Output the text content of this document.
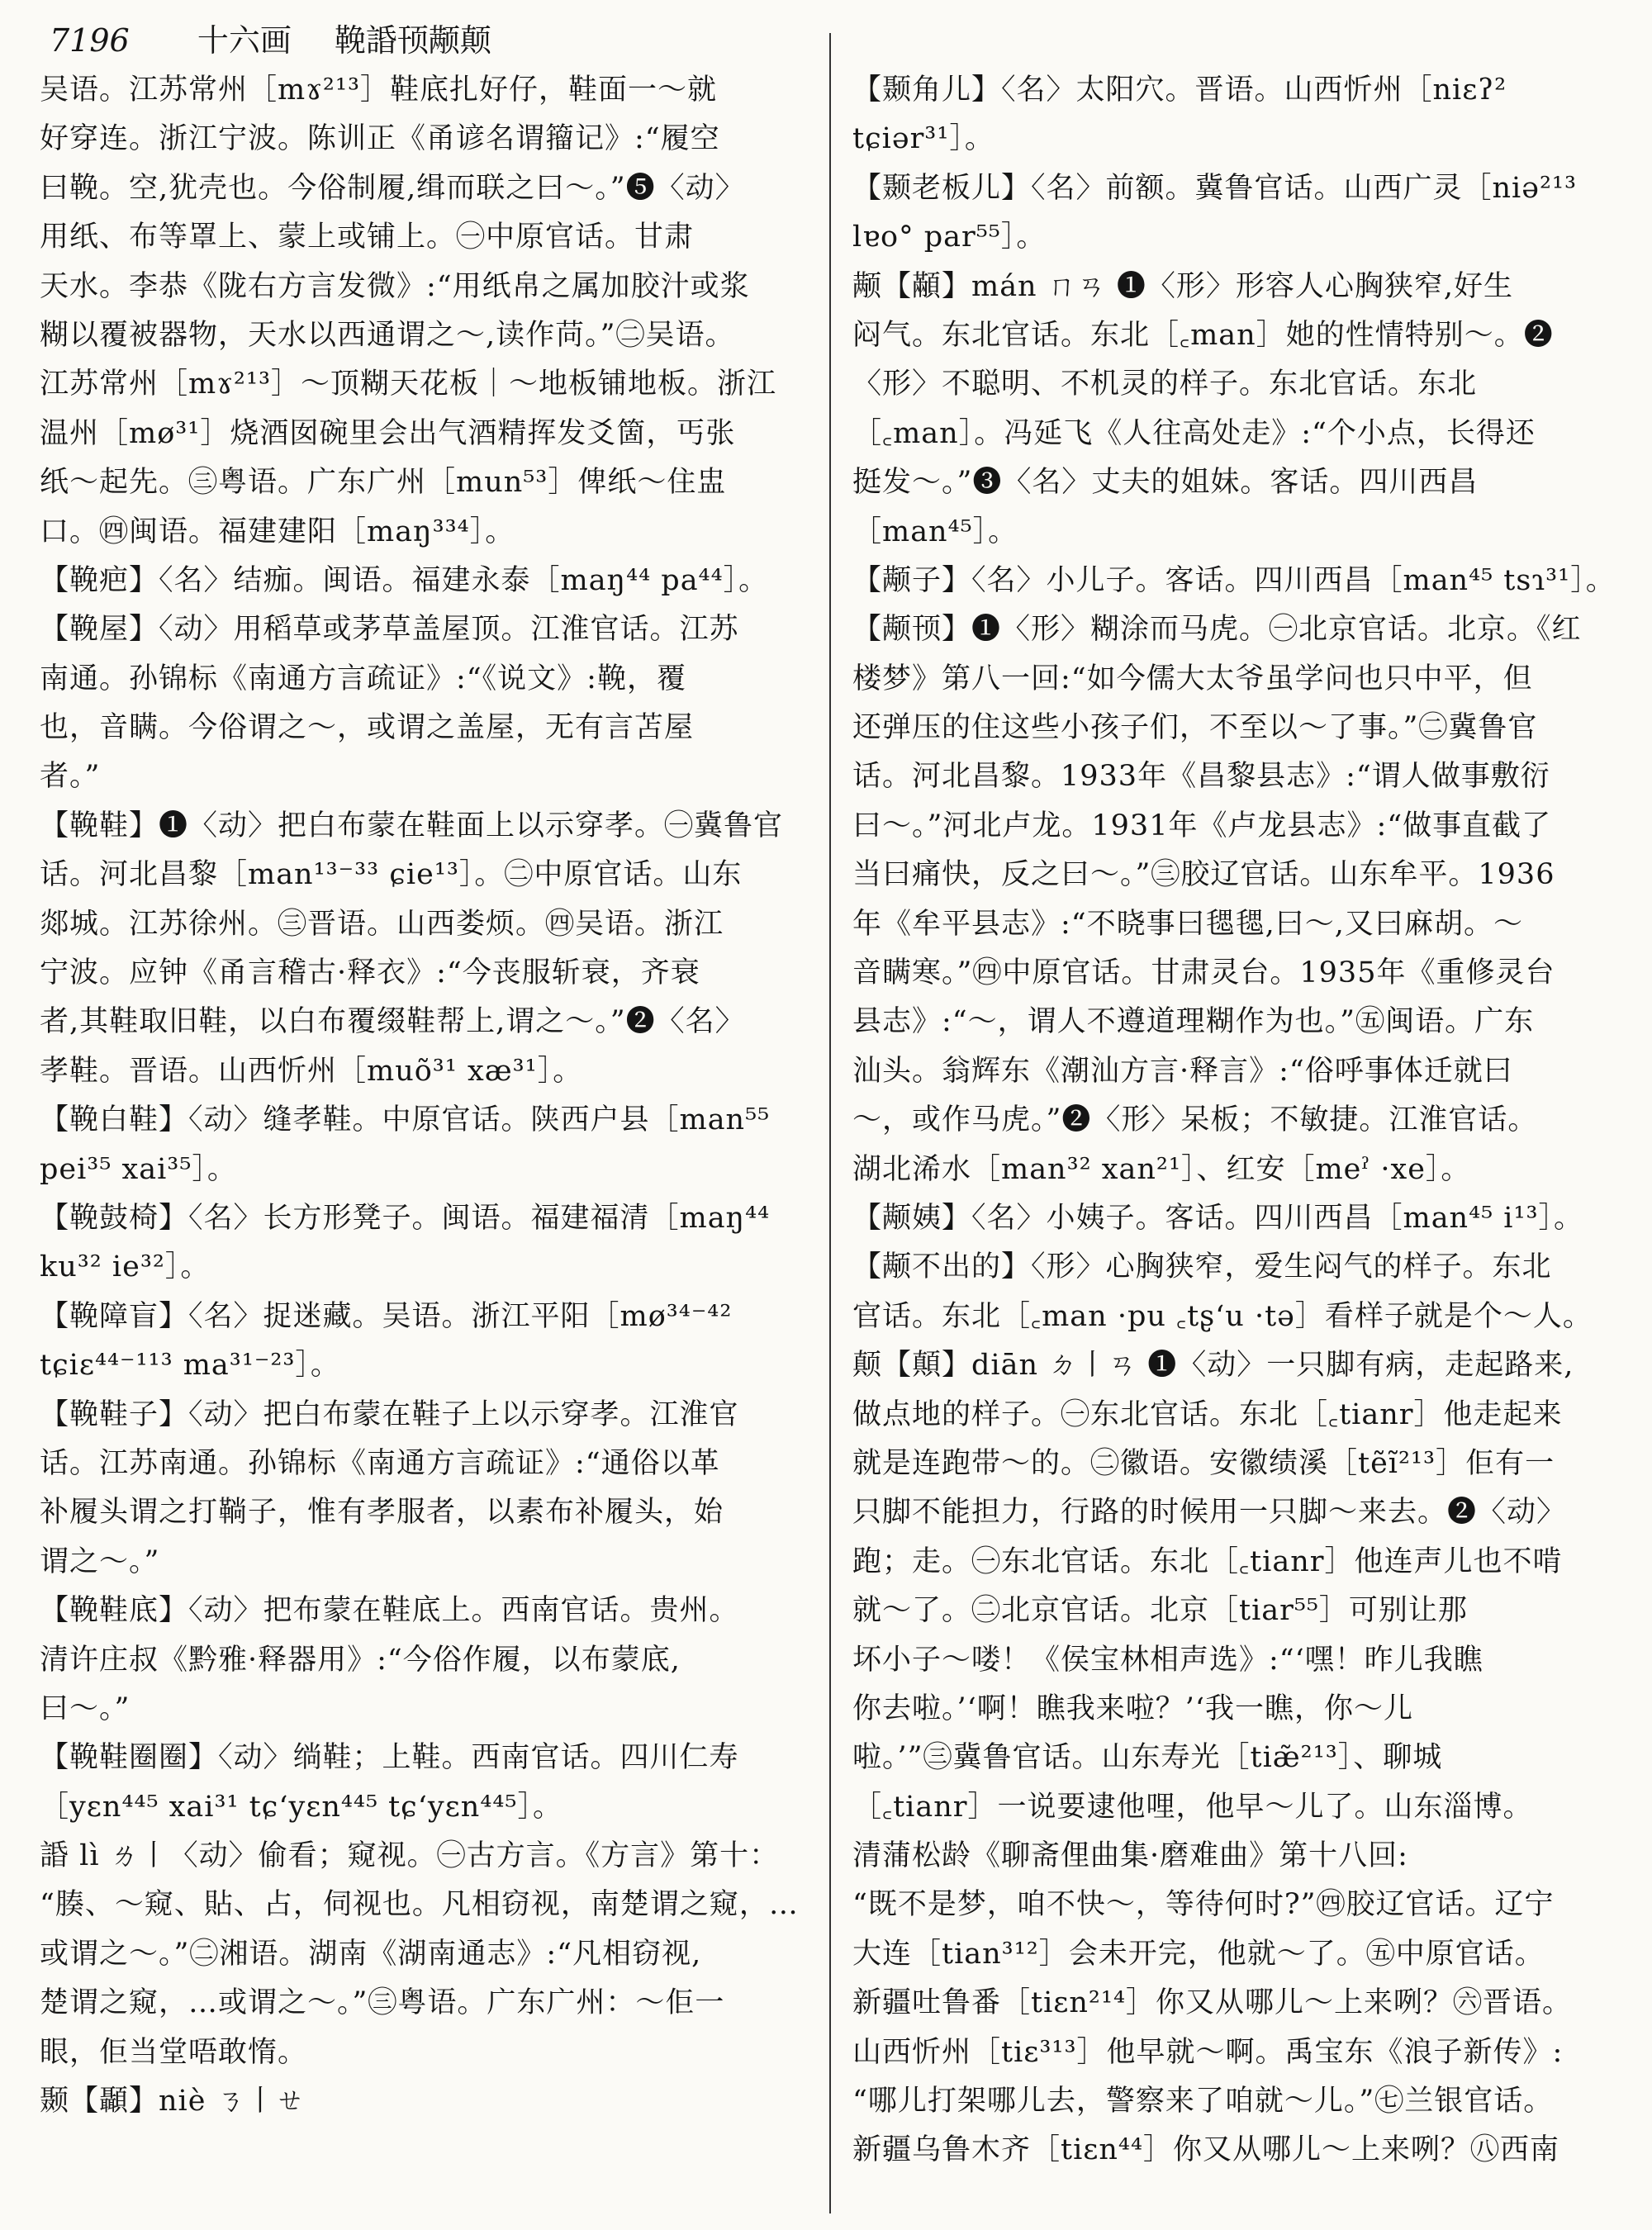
7196 十六画 鞔諙顸颟颠
吴语。江苏常州［mɤ²¹³］鞋底扎好仔，鞋面一～就
好穿连。浙江宁波。陈训正《甬谚名谓籀记》:“履空
曰鞔。空,犹壳也。今俗制履,缉而联之曰～。”❺〈动〉
用纸、布等罩上、蒙上或铺上。㊀中原官话。甘肃
天水。李恭《陇右方言发微》:“用纸帛之属加胶汁或浆
糊以覆被器物，天水以西通谓之～,读作苘。”㊁吴语。
江苏常州［mɤ²¹³］～顶糊天花板｜～地板铺地板。浙江
温州［mø³¹］烧酒囡碗里会出气酒精挥发爻箇，丐张
纸～起先。㊂粤语。广东广州［mun⁵³］俾纸～住盅
口。㊃闽语。福建建阳［maŋ³³⁴］。
【鞔疤】〈名〉结痂。闽语。福建永泰［maŋ⁴⁴ pa⁴⁴］。
【鞔屋】〈动〉用稻草或茅草盖屋顶。江淮官话。江苏
南通。孙锦标《南通方言疏证》:“《说文》:鞔，覆
也，音瞒。今俗谓之～，或谓之盖屋，无有言苫屋
者。”
【鞔鞋】❶〈动〉把白布蒙在鞋面上以示穿孝。㊀冀鲁官
话。河北昌黎［man¹³⁻³³ ɕie¹³］。㊁中原官话。山东
郯城。江苏徐州。㊂晋语。山西娄烦。㊃吴语。浙江
宁波。应钟《甬言稽古·释衣》:“今丧服斩衰，齐衰
者,其鞋取旧鞋，以白布覆缀鞋帮上,谓之～。”❷〈名〉
孝鞋。晋语。山西忻州［muõ³¹ xæ³¹］。
【鞔白鞋】〈动〉缝孝鞋。中原官话。陕西户县［man⁵⁵
pei³⁵ xai³⁵］。
【鞔鼓椅】〈名〉长方形凳子。闽语。福建福清［maŋ⁴⁴
ku³² ie³²］。
【鞔障盲】〈名〉捉迷藏。吴语。浙江平阳［mø³⁴⁻⁴²
tɕiɛ⁴⁴⁻¹¹³ ma³¹⁻²³］。
【鞔鞋子】〈动〉把白布蒙在鞋子上以示穿孝。江淮官
话。江苏南通。孙锦标《南通方言疏证》:“通俗以革
补履头谓之打鞝子，惟有孝服者，以素布补履头，始
谓之～。”
【鞔鞋底】〈动〉把布蒙在鞋底上。西南官话。贵州。
清许庄叔《黔雅·释器用》:“今俗作履，以布蒙底,
曰～。”
【鞔鞋圈圈】〈动〉绱鞋；上鞋。西南官话。四川仁寿
［yɛn⁴⁴⁵ xai³¹ tɕʻyɛn⁴⁴⁵ tɕʻyɛn⁴⁴⁵］。
諙 lì ㄌ丨〈动〉偷看；窥视。㊀古方言。《方言》第十：
“腠、～窥、貼、占，伺视也。凡相窃视，南楚谓之窥，…
或谓之～。”㊁湘语。湖南《湖南通志》:“凡相窃视,
楚谓之窥，…或谓之～。”㊂粤语。广东广州：～佢一
眼，佢当堂唔敢惰。
颞【顳】niè ㄋ丨ㄝ
【颞角儿】〈名〉太阳穴。晋语。山西忻州［niɛʔ²
tɕiər³¹］。
【颞老板儿】〈名〉前额。冀鲁官话。山西广灵［niə²¹³
lɐo° par⁵⁵］。
颟【顢】mán ㄇㄢ ❶〈形〉形容人心胸狭窄,好生
闷气。东北官话。东北［꜀man］她的性情特别～。❷
〈形〉不聪明、不机灵的样子。东北官话。东北
［꜀man］。冯延飞《人往高处走》:“个小点，长得还
挺发～。”❸〈名〉丈夫的姐妹。客话。四川西昌
［man⁴⁵］。
【颟子】〈名〉小儿子。客话。四川西昌［man⁴⁵ tsɿ³¹］。
【颟顸】❶〈形〉糊涂而马虎。㊀北京官话。北京。《红
楼梦》第八一回:“如今儒大太爷虽学问也只中平，但
还弹压的住这些小孩子们，不至以～了事。”㊁冀鲁官
话。河北昌黎。1933年《昌黎县志》:“谓人做事敷衍
曰～。”河北卢龙。1931年《卢龙县志》:“做事直截了
当曰痛快，反之曰～。”㊂胶辽官话。山东牟平。1936
年《牟平县志》:“不晓事曰毸毸,曰～,又曰麻胡。～
音瞒寒。”㊃中原官话。甘肃灵台。1935年《重修灵台
县志》:“～，谓人不遵道理糊作为也。”㊄闽语。广东
汕头。翁辉东《潮汕方言·释言》:“俗呼事体迁就曰
～，或作马虎。”❷〈形〉呆板；不敏捷。江淮官话。
湖北浠水［man³² xan²¹］、红安［meˀ ·xe］。
【颟姨】〈名〉小姨子。客话。四川西昌［man⁴⁵ i¹³］。
【颟不出的】〈形〉心胸狭窄，爱生闷气的样子。东北
官话。东北［꜀man ·pu ꜀tʂʻu ·tə］看样子就是个～人。
颠【顛】diān ㄉ丨ㄢ ❶〈动〉一只脚有病，走起路来,
做点地的样子。㊀东北官话。东北［꜀tianr］他走起来
就是连跑带～的。㊁徽语。安徽绩溪［tẽĩ²¹³］佢有一
只脚不能担力，行路的时候用一只脚～来去。❷〈动〉
跑；走。㊀东北官话。东北［꜀tianr］他连声儿也不啃
就～了。㊁北京官话。北京［tiar⁵⁵］可别让那
坏小子～喽！《侯宝林相声选》:“‘嘿！昨儿我瞧
你去啦。’‘啊！瞧我来啦？’‘我一瞧，你～儿
啦。’”㊂冀鲁官话。山东寿光［tiæ̃²¹³］、聊城
［꜀tianr］一说要逮他哩，他早～儿了。山东淄博。
清蒲松龄《聊斋俚曲集·磨难曲》第十八回:
“既不是梦，咱不快～，等待何时?”㊃胶辽官话。辽宁
大连［tian³¹²］会未开完，他就～了。㊄中原官话。
新疆吐鲁番［tiɛn²¹⁴］你又从哪儿～上来咧？㊅晋语。
山西忻州［tiɛ³¹³］他早就～啊。禹宝东《浪子新传》:
“哪儿打架哪儿去，警察来了咱就～儿。”㊆兰银官话。
新疆乌鲁木齐［tiɛn⁴⁴］你又从哪儿～上来咧？㊇西南
